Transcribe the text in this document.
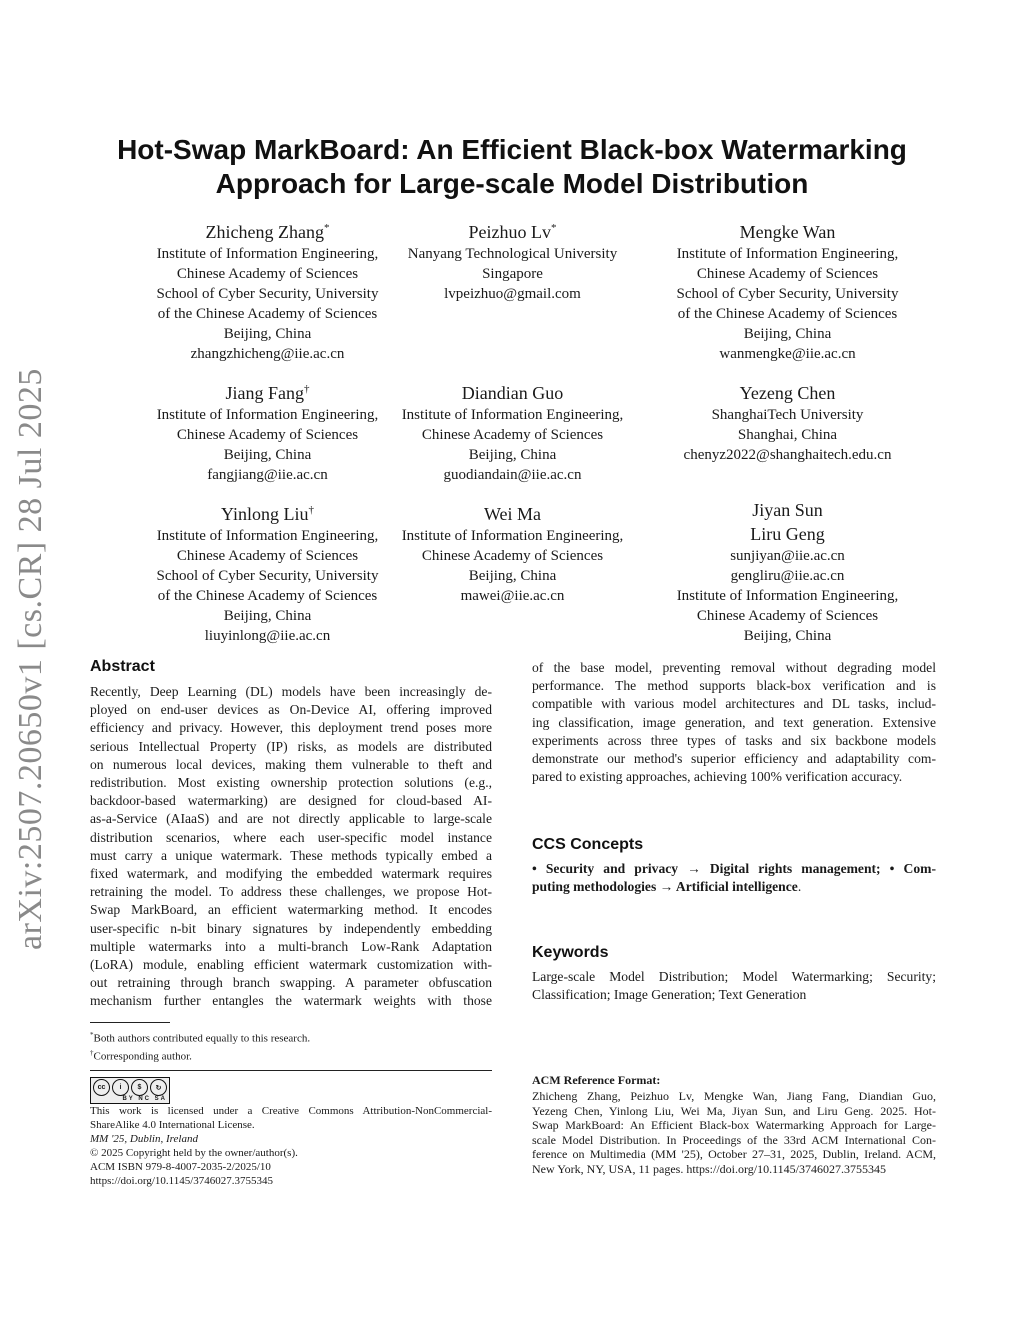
arXiv:2507.20650v1 [cs.CR] 28 Jul 2025
Hot-Swap MarkBoard: An Efficient Black-box Watermarking
Approach for Large-scale Model Distribution
Zhicheng Zhang*
Institute of Information Engineering,
Chinese Academy of Sciences
School of Cyber Security, University
of the Chinese Academy of Sciences
Beijing, China
zhangzhicheng@iie.ac.cn
Peizhuo Lv*
Nanyang Technological University
Singapore
lvpeizhuo@gmail.com
Mengke Wan
Institute of Information Engineering,
Chinese Academy of Sciences
School of Cyber Security, University
of the Chinese Academy of Sciences
Beijing, China
wanmengke@iie.ac.cn
Jiang Fang†
Institute of Information Engineering,
Chinese Academy of Sciences
Beijing, China
fangjiang@iie.ac.cn
Diandian Guo
Institute of Information Engineering,
Chinese Academy of Sciences
Beijing, China
guodiandain@iie.ac.cn
Yezeng Chen
ShanghaiTech University
Shanghai, China
chenyz2022@shanghaitech.edu.cn
Yinlong Liu†
Institute of Information Engineering,
Chinese Academy of Sciences
School of Cyber Security, University
of the Chinese Academy of Sciences
Beijing, China
liuyinlong@iie.ac.cn
Wei Ma
Institute of Information Engineering,
Chinese Academy of Sciences
Beijing, China
mawei@iie.ac.cn
Jiyan Sun
Liru Geng
sunjiyan@iie.ac.cn
gengliru@iie.ac.cn
Institute of Information Engineering,
Chinese Academy of Sciences
Beijing, China
Abstract
Recently, Deep Learning (DL) models have been increasingly de-
ployed on end-user devices as On-Device AI, offering improved
efficiency and privacy. However, this deployment trend poses more
serious Intellectual Property (IP) risks, as models are distributed
on numerous local devices, making them vulnerable to theft and
redistribution. Most existing ownership protection solutions (e.g.,
backdoor-based watermarking) are designed for cloud-based AI-
as-a-Service (AIaaS) and are not directly applicable to large-scale
distribution scenarios, where each user-specific model instance
must carry a unique watermark. These methods typically embed a
fixed watermark, and modifying the embedded watermark requires
retraining the model. To address these challenges, we propose Hot-
Swap MarkBoard, an efficient watermarking method. It encodes
user-specific n-bit binary signatures by independently embedding
multiple watermarks into a multi-branch Low-Rank Adaptation
(LoRA) module, enabling efficient watermark customization with-
out retraining through branch swapping. A parameter obfuscation
mechanism further entangles the watermark weights with those
of the base model, preventing removal without degrading model
performance. The method supports black-box verification and is
compatible with various model architectures and DL tasks, includ-
ing classification, image generation, and text generation. Extensive
experiments across three types of tasks and six backbone models
demonstrate our method's superior efficiency and adaptability com-
pared to existing approaches, achieving 100% verification accuracy.
CCS Concepts
• Security and privacy → Digital rights management; • Com-
puting methodologies → Artificial intelligence.
Keywords
Large-scale Model Distribution; Model Watermarking; Security;
Classification; Image Generation; Text Generation
*Both authors contributed equally to this research.
†Corresponding author.
cc	i	$	↻
BY NC SA
This work is licensed under a Creative Commons Attribution-NonCommercial-
ShareAlike 4.0 International License.
MM '25, Dublin, Ireland
© 2025 Copyright held by the owner/author(s).
ACM ISBN 979-8-4007-2035-2/2025/10
https://doi.org/10.1145/3746027.3755345
ACM Reference Format:
Zhicheng Zhang, Peizhuo Lv, Mengke Wan, Jiang Fang, Diandian Guo,
Yezeng Chen, Yinlong Liu, Wei Ma, Jiyan Sun, and Liru Geng. 2025. Hot-
Swap MarkBoard: An Efficient Black-box Watermarking Approach for Large-
scale Model Distribution. In Proceedings of the 33rd ACM International Con-
ference on Multimedia (MM '25), October 27–31, 2025, Dublin, Ireland. ACM,
New York, NY, USA, 11 pages. https://doi.org/10.1145/3746027.3755345
